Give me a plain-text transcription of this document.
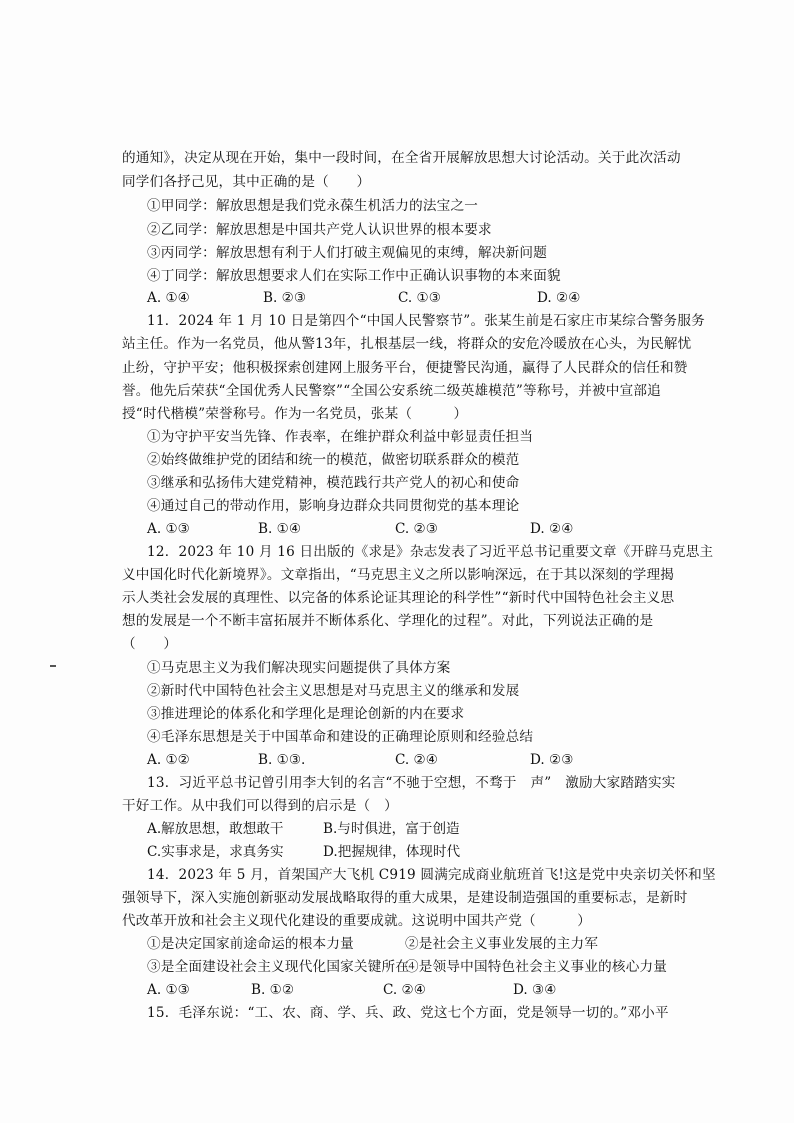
的通知》，决定从现在开始，集中一段时间，在全省开展解放思想大讨论活动。关于此次活动
同学们各抒己见，其中正确的是（　　）
①甲同学：解放思想是我们党永葆生机活力的法宝之一
②乙同学：解放思想是中国共产党人认识世界的根本要求
③丙同学：解放思想有利于人们打破主观偏见的束缚，解决新问题
④丁同学：解放思想要求人们在实际工作中正确认识事物的本来面貌
A. ①④	B. ②③	C. ①③	D. ②④
11．2024 年 1 月 10 日是第四个“中国人民警察节”。张某生前是石家庄市某综合警务服务
站主任。作为一名党员，他从警13年，扎根基层一线，将群众的安危冷暖放在心头，为民解忧
止纷，守护平安；他积极探索创建网上服务平台，便捷警民沟通，赢得了人民群众的信任和赞
誉。他先后荣获“全国优秀人民警察”“全国公安系统二级英雄模范”等称号，并被中宣部追
授“时代楷模”荣誉称号。作为一名党员，张某（　　　）
①为守护平安当先锋、作表率，在维护群众利益中彰显责任担当
②始终做维护党的团结和统一的模范，做密切联系群众的模范
③继承和弘扬伟大建党精神，模范践行共产党人的初心和使命
④通过自己的带动作用，影响身边群众共同贯彻党的基本理论
A. ①③	B. ①④	C. ②③	D. ②④
12．2023 年 10 月 16 日出版的《求是》杂志发表了习近平总书记重要文章《开辟马克思主
义中国化时代化新境界》。文章指出，“马克思主义之所以影响深远，在于其以深刻的学理揭
示人类社会发展的真理性、以完备的体系论证其理论的科学性”“新时代中国特色社会主义思
想的发展是一个不断丰富拓展并不断体系化、学理化的过程”。对此，下列说法正确的是
（　　）
①马克思主义为我们解决现实问题提供了具体方案
②新时代中国特色社会主义思想是对马克思主义的继承和发展
③推进理论的体系化和学理化是理论创新的内在要求
④毛泽东思想是关于中国革命和建设的正确理论原则和经验总结
A. ①②	B. ①③.	C. ②④	D. ②③
13．习近平总书记曾引用李大钊的名言“不驰于空想，不骛于　声”　激励大家踏踏实实
干好工作。从中我们可以得到的启示是（　）
A.解放思想，敢想敢干	B.与时俱进，富于创造
C.实事求是，求真务实	D.把握规律，体现时代
14．2023 年 5 月，首架国产大飞机 C919 圆满完成商业航班首飞!这是党中央亲切关怀和坚
强领导下，深入实施创新驱动发展战略取得的重大成果，是建设制造强国的重要标志，是新时
代改革开放和社会主义现代化建设的重要成就。这说明中国共产党（　　　）
①是决定国家前途命运的根本力量	②是社会主义事业发展的主力军
③是全面建设社会主义现代化国家关键所在
④是领导中国特色社会主义事业的核心力量
A. ①③	B. ①②	C. ②④	D. ③④
15．毛泽东说：“工、农、商、学、兵、政、党这七个方面，党是领导一切的。”邓小平
